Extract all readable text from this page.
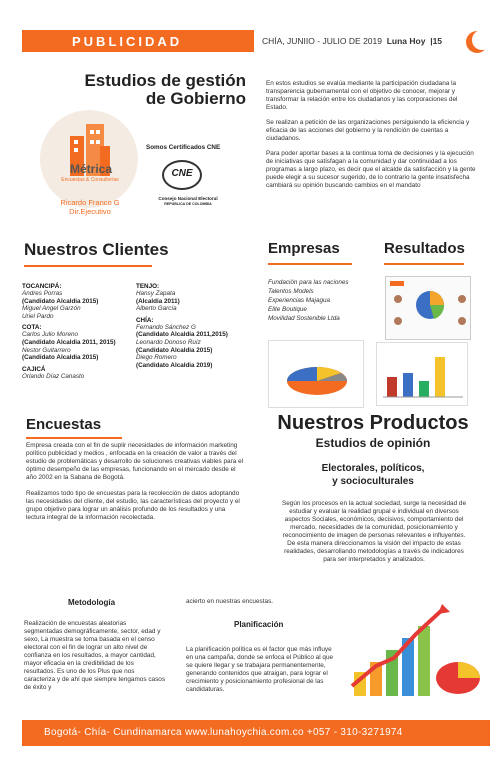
PUBLICIDAD	CHÍA, JUNIIO - JULIO DE 2019 Luna Hoy |15
Estudios de gestión
de Gobierno
Métrica
Encuestas & Consultorías
Ricardo Franco G
Dir.Ejecutivo
Somos Certificados CNE
CNE
Consejo Nacional Electoral
REPÚBLICA DE COLOMBIA

En estos estudios se evalúa mediante la participación ciudadana la transparencia gubernamental con el objetivo de conocer, mejorar y transformar la relación entre los ciudadanos y las corporaciones del Estado.

Se realizan a petición de las organizaciones persiguiendo la eficiencia y eficacia de las acciones del gobierno y la rendición de cuentas a ciudadanos.

Para poder aportar bases a la continua toma de decisiones y la ejecución de iniciativas que satisfagan a la comunidad y dar continuidad a los programas a largo plazo, es decir que el alcalde da satisfacción y la gente puede elegir a su sucesor sugerido, de lo contrario la gente insatisfecha cambiará su opinión buscando cambios en el mandato

Nuestros Clientes
TOCANCIPÁ:
Andres Porras
(Candidato Alcaldia 2015)
Miguel Angel Garzón
Uriel Pardo
COTA:
Carlos Julio Moreno
(Candidato Alcaldia 2011, 2015)
Nestor Guitarrero
(Candidato Alcaldia 2015)
CAJICÁ
Orlando Díaz Canasto
TENJO:
Hansy Zapata
(Alcaldia 2011)
Alberto García
CHÍA:
Fernando Sánchez G
(Candidato Alcaldia 2011,2015)
Leonardo Donoso Ruíz
(Candidato Alcaldia 2015)
Diego Romero
(Candidato Alcaldia 2019)
Empresas
Fundación para las naciones
Talentos Models
Experiencias Majagua
Elite Boutique
Movilidad Sostenible Ltda
Resultados
Encuestas

Empresa creada con el fin de suplir necesidades de información marketing político publicidad y medios , enfocada en la creación de valor a través del estudio de problemáticas y desarrollo de soluciones creativas viables para el óptimo desempeño de las empresas, funcionando en el mercado desde el año 2002 en la Sabana de Bogotá.

Realizamos todo tipo de encuestas para la recolección de datos adoptando las necesidades del cliente, del estudio, las características del proyecto y el grupo objetivo para lograr un análisis profundo de los resultados y una lectura integral de la información recolectada.

Nuestros Productos
Estudios de opinión
Electorales, políticos,
y socioculturales
Según los procesos en la actual sociedad, surge la necesidad de estudiar y evaluar la realidad grupal e individual en diversos aspectos Sociales, económicos, decisivos, comportamiento del mercado, necesidades de la comunidad, posicionamiento y reconocimiento de imagen de personas relevantes e influyentes. De esta manera direccionamos la visión del impacto de estas realidades, desarrollando metodologías a través de indicadores para ser interpretados y analizados.
Metodología
Realización de encuestas aleatorias segmentadas demográficamente, sector, edad y sexo, La muestra se toma basada en el censo electoral con el fin de lograr un alto nivel de confianza en los resultados, a mayor cantidad, mayor eficacia en la credibilidad de los resultados. Es uno de los Plus que nos caracteriza y de ahí que siempre tengamos casos de éxito y
acierto en nuestras encuestas.
Planificación
La planificación política es el factor que más influye en una campaña, donde se enfoca el Público al que se quiere llegar y se trabajara permanentemente, generando contenidos que atraigan, para lograr el crecimiento y posicionamiento profesional de las candidaturas.
Bogotá- Chía- Cundinamarca www.lunahoychia.com.co +057 - 310-3271974
